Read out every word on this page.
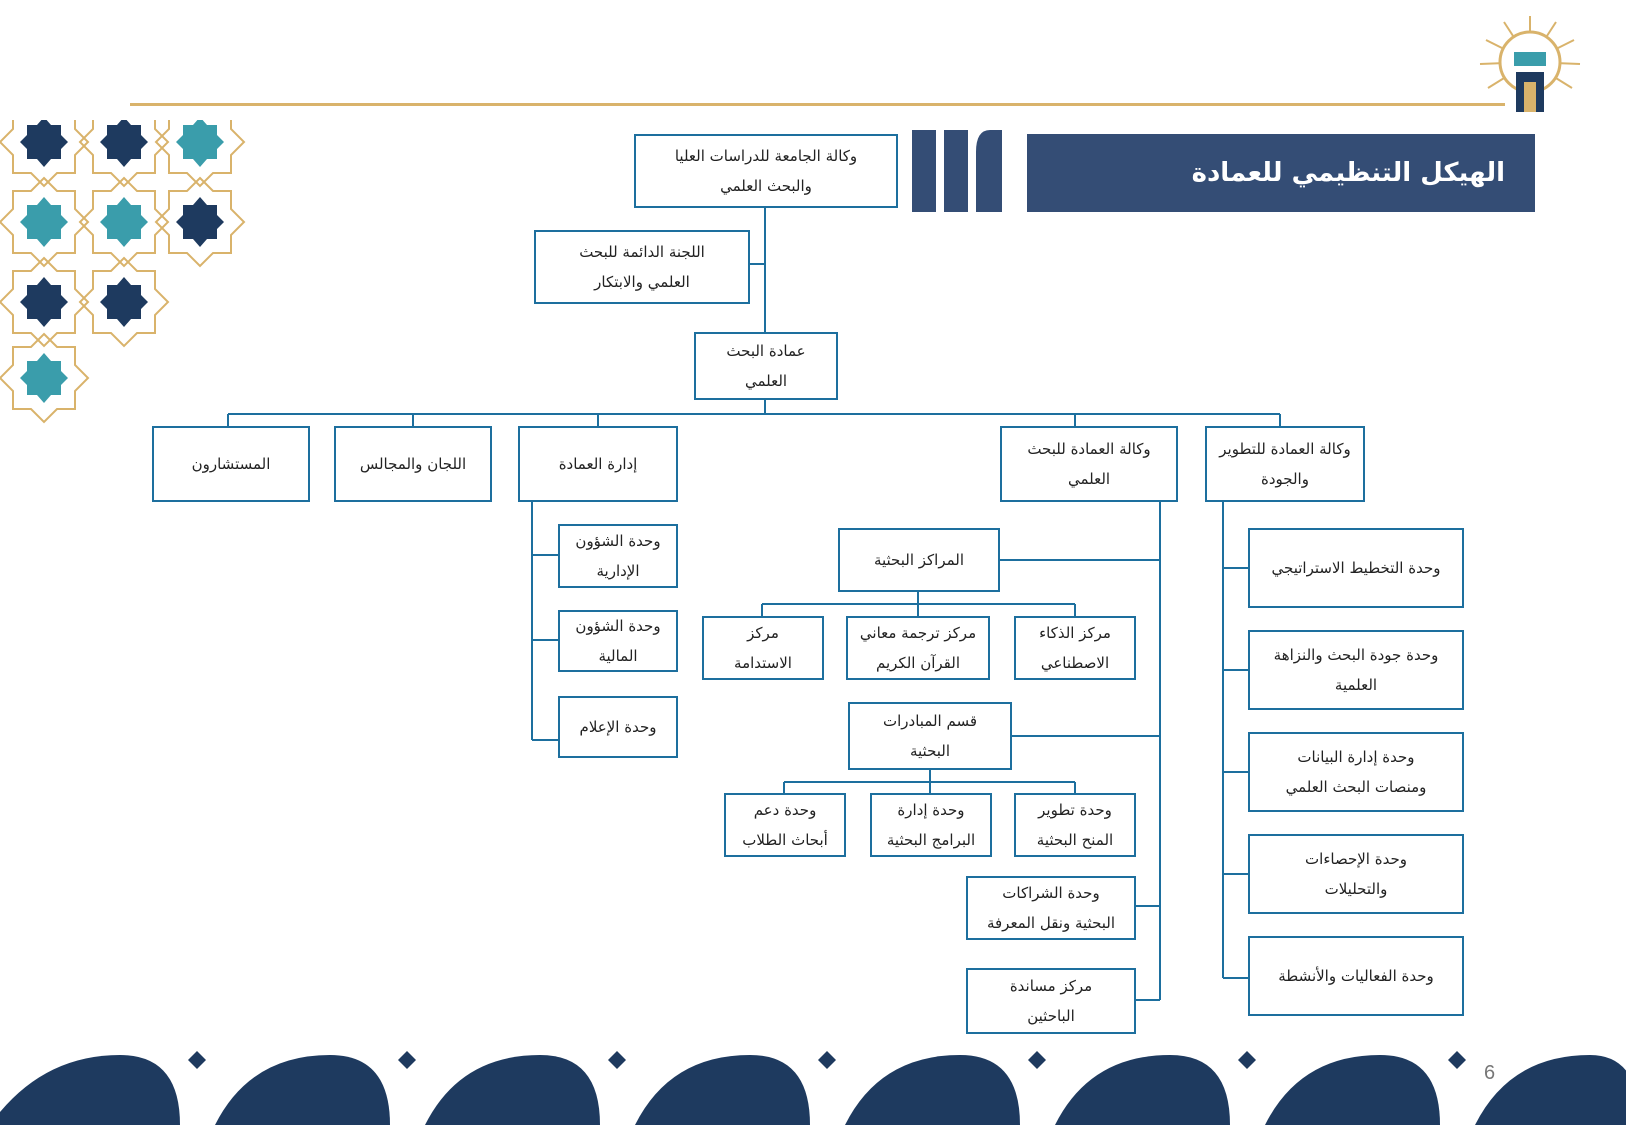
الهيكل التنظيمي للعمادة
وكالة الجامعة للدراسات العليا
والبحث العلمي
اللجنة الدائمة للبحث
العلمي والابتكار
عمادة البحث
العلمي
المستشارون	اللجان والمجالس	إدارة العمادة
وكالة العمادة للبحث
العلمي
وكالة العمادة للتطوير
والجودة
وحدة الشؤون
الإدارية
وحدة الشؤون
المالية
وحدة الإعلام
المراكز البحثية
مركز
الاستدامة
مركز ترجمة معاني
القرآن الكريم
مركز الذكاء
الاصطناعي
قسم المبادرات
البحثية
وحدة دعم
أبحاث الطلاب
وحدة إدارة
البرامج البحثية
وحدة تطوير
المنح البحثية
وحدة الشراكات
البحثية ونقل المعرفة
مركز مساندة
الباحثين
وحدة التخطيط الاستراتيجي
وحدة جودة البحث والنزاهة
العلمية
وحدة إدارة البيانات
ومنصات البحث العلمي
وحدة الإحصاءات
والتحليلات
وحدة الفعاليات والأنشطة
6
